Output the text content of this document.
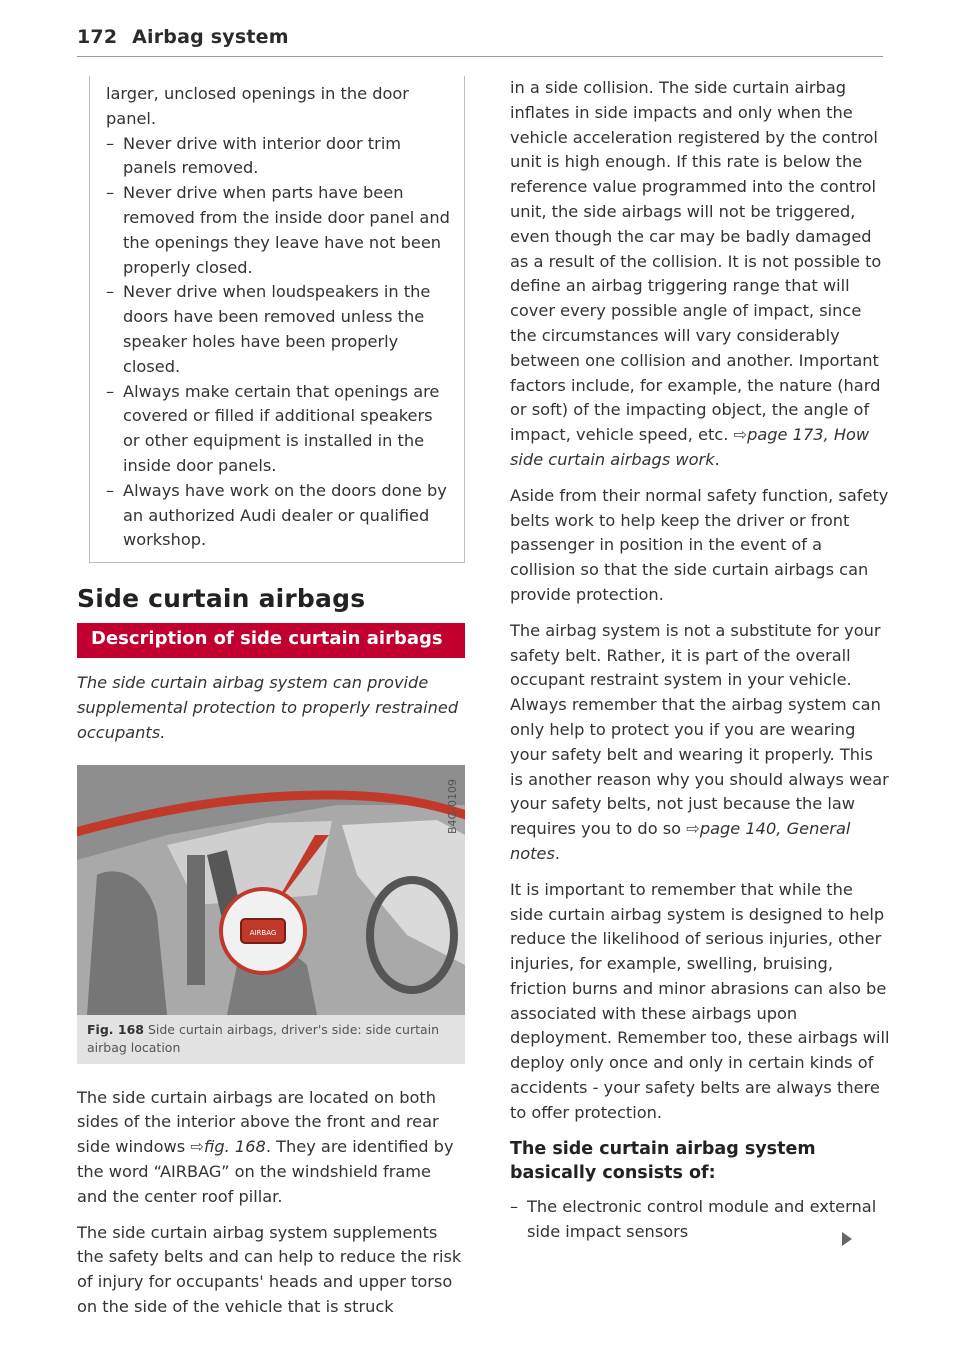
172 Airbag system

larger, unclosed openings in the door panel.

– Never drive with interior door trim panels removed.
– Never drive when parts have been removed from the inside door panel and the openings they leave have not been properly closed.
– Never drive when loudspeakers in the doors have been removed unless the speaker holes have been properly closed.
– Always make certain that openings are covered or filled if additional speakers or other equipment is installed in the inside door panels.
– Always have work on the doors done by an authorized Audi dealer or qualified workshop.
Side curtain airbags
Description of side curtain airbags

The side curtain airbag system can provide supplemental protection to properly restrained occupants.

AIRBAG
B4G-0109
Fig. 168 Side curtain airbags, driver's side: side curtain airbag location

The side curtain airbags are located on both sides of the interior above the front and rear side windows ⇨fig. 168. They are identified by the word “AIRBAG” on the windshield frame and the center roof pillar.

The side curtain airbag system supplements the safety belts and can help to reduce the risk of injury for occupants' heads and upper torso on the side of the vehicle that is struck

in a side collision. The side curtain airbag inflates in side impacts and only when the vehicle acceleration registered by the control unit is high enough. If this rate is below the reference value programmed into the control unit, the side airbags will not be triggered, even though the car may be badly damaged as a result of the collision. It is not possible to define an airbag triggering range that will cover every possible angle of impact, since the circumstances will vary considerably between one collision and another. Important factors include, for example, the nature (hard or soft) of the impacting object, the angle of impact, vehicle speed, etc. ⇨page 173, How side curtain airbags work.

Aside from their normal safety function, safety belts work to help keep the driver or front passenger in position in the event of a collision so that the side curtain airbags can provide protection.

The airbag system is not a substitute for your safety belt. Rather, it is part of the overall occupant restraint system in your vehicle. Always remember that the airbag system can only help to protect you if you are wearing your safety belt and wearing it properly. This is another reason why you should always wear your safety belts, not just because the law requires you to do so ⇨page 140, General notes.

It is important to remember that while the side curtain airbag system is designed to help reduce the likelihood of serious injuries, other injuries, for example, swelling, bruising, friction burns and minor abrasions can also be associated with these airbags upon deployment. Remember too, these airbags will deploy only once and only in certain kinds of accidents - your safety belts are always there to offer protection.

The side curtain airbag system basically consists of:

– The electronic control module and external side impact sensors
